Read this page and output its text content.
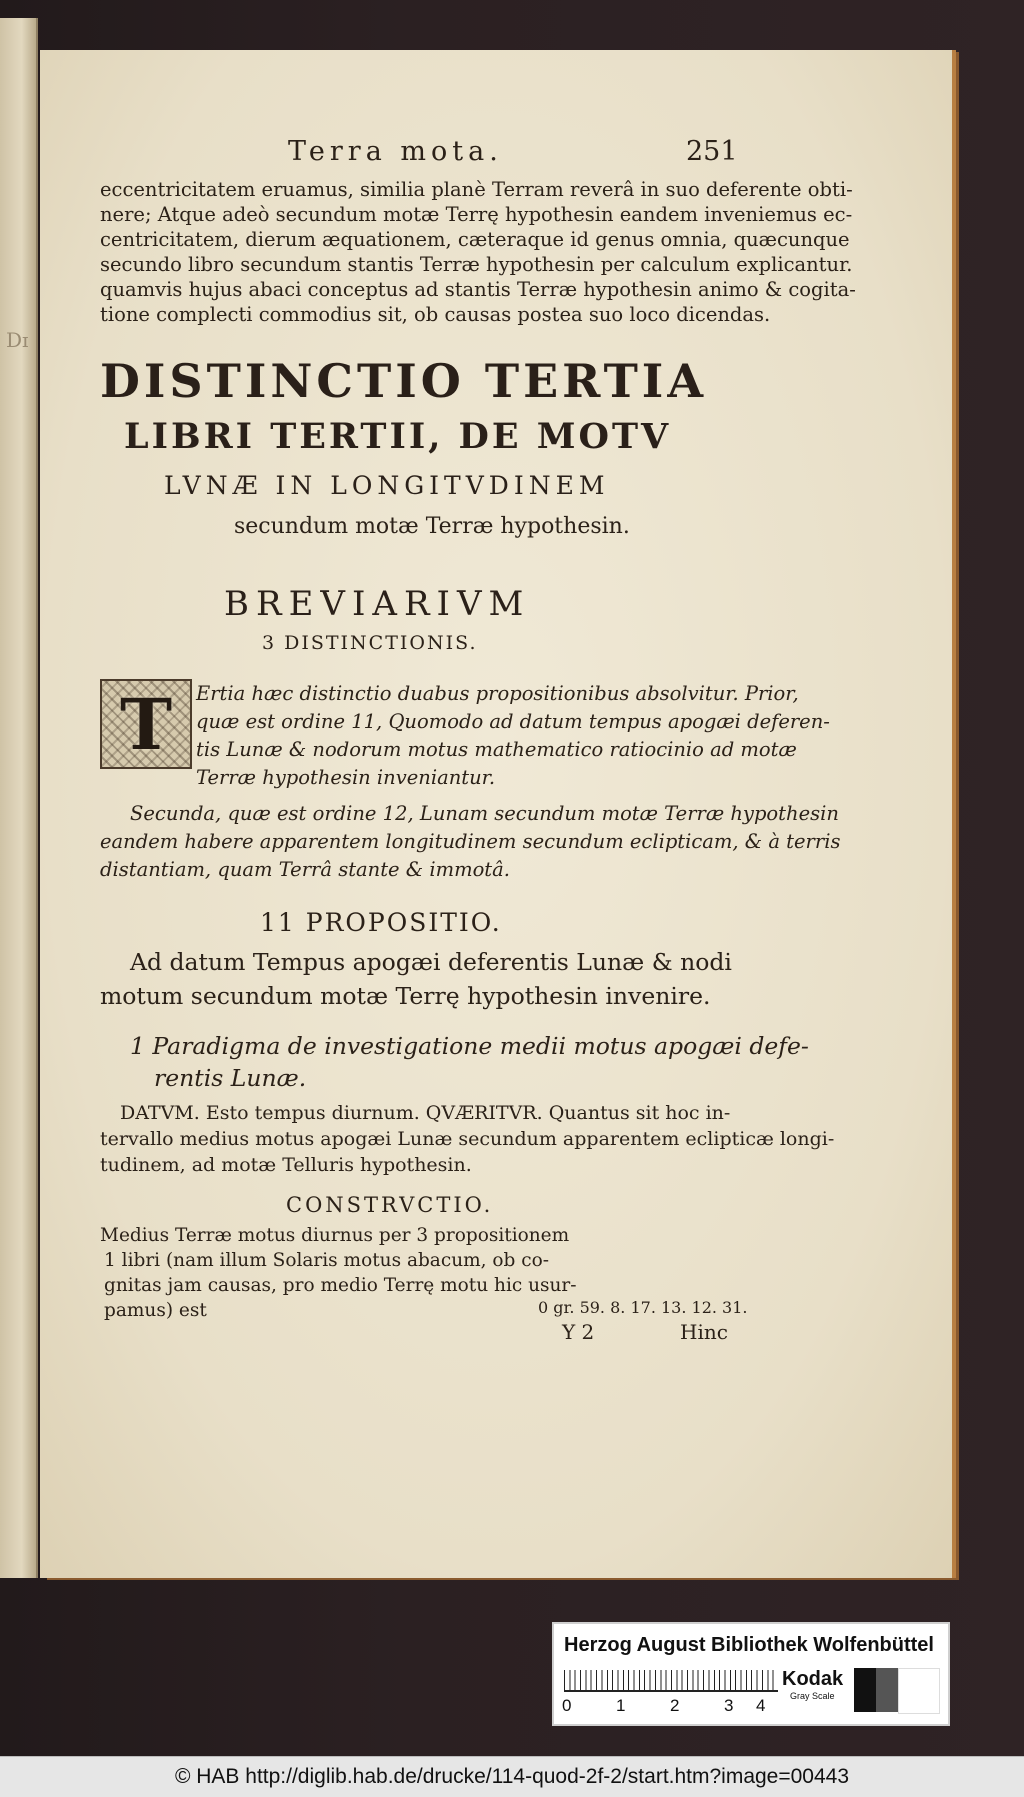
Dɪ
Terra mota.	251
eccentricitatem eruamus, similia planè Terram reverâ in suo deferente obti-
nere; Atque adeò secundum motæ Terrę hypothesin eandem inveniemus ec-
centricitatem, dierum æquationem, cæteraque id genus omnia, quæcunque
secundo libro secundum stantis Terræ hypothesin per calculum explicantur.
quamvis hujus abaci conceptus ad stantis Terræ hypothesin animo & cogita-
tione complecti commodius sit, ob causas postea suo loco dicendas.
DISTINCTIO TERTIA
LIBRI TERTII, DE MOTV
LVNÆ IN LONGITVDINEM
secundum motæ Terræ hypothesin.
BREVIARIVM
3 DISTINCTIONIS.
T	Ertia hæc distinctio duabus propositionibus absolvitur. Prior,
quæ est ordine 11, Quomodo ad datum tempus apogæi deferen-
tis Lunæ & nodorum motus mathematico ratiocinio ad motæ
Terræ hypothesin inveniantur.
Secunda, quæ est ordine 12, Lunam secundum motæ Terræ hypothesin
eandem habere apparentem longitudinem secundum eclipticam, & à terris
distantiam, quam Terrâ stante & immotâ.
11 PROPOSITIO.
Ad datum Tempus apogæi deferentis Lunæ & nodi
motum secundum motæ Terrę hypothesin invenire.
1 Paradigma de investigatione medii motus apogæi defe-
rentis Lunæ.
DATVM. Esto tempus diurnum. QVÆRITVR. Quantus sit hoc in-
tervallo medius motus apogæi Lunæ secundum apparentem eclipticæ longi-
tudinem, ad motæ Telluris hypothesin.
CONSTRVCTIO.
Medius Terræ motus diurnus per 3 propositionem
1 libri (nam illum Solaris motus abacum, ob co-
gnitas jam causas, pro medio Terrę motu hic usur-
pamus) est	0 gr. 59. 8. 17. 13. 12. 31.
Y 2	Hinc
Herzog August Bibliothek Wolfenbüttel
0	1	2	3 4
Kodak
Gray Scale
© HAB http://diglib.hab.de/drucke/114-quod-2f-2/start.htm?image=00443
